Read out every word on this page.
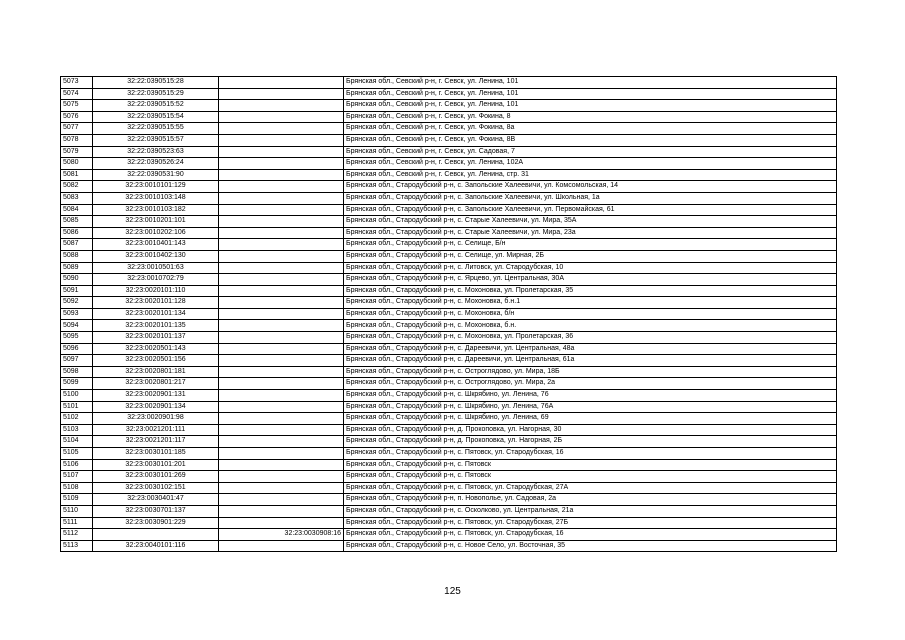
5073	32:22:0390515:28		Брянская обл., Севский р-н, г. Севск, ул. Ленина, 101
5074	32:22:0390515:29		Брянская обл., Севский р-н, г. Севск, ул. Ленина, 101
5075	32:22:0390515:52		Брянская обл., Севский р-н, г. Севск, ул. Ленина, 101
5076	32:22:0390515:54		Брянская обл., Севский р-н, г. Севск, ул. Фокина, 8
5077	32:22:0390515:55		Брянская обл., Севский р-н, г. Севск, ул. Фокина, 8а
5078	32:22:0390515:57		Брянская обл., Севский р-н, г. Севск, ул. Фокина, 8В
5079	32:22:0390523:63		Брянская обл., Севский р-н, г. Севск, ул. Садовая, 7
5080	32:22:0390526:24		Брянская обл., Севский р-н, г. Севск, ул. Ленина, 102А
5081	32:22:0390531:90		Брянская обл., Севский р-н, г. Севск, ул. Ленина, стр. 31
5082	32:23:0010101:129		Брянская обл., Стародубский р-н, с. Запольские Халеевичи, ул. Комсомольская, 14
5083	32:23:0010103:148		Брянская обл., Стародубский р-н, с. Запольские Халеевичи, ул. Школьная, 1а
5084	32:23:0010103:182		Брянская обл., Стародубский р-н, с. Запольские Халеевичи, ул. Первомайская, 61
5085	32:23:0010201:101		Брянская обл., Стародубский р-н, с. Старые Халеевичи, ул. Мира, 35А
5086	32:23:0010202:106		Брянская обл., Стародубский р-н, с. Старые Халеевичи, ул. Мира, 23а
5087	32:23:0010401:143		Брянская обл., Стародубский р-н, с. Селище, Б/н
5088	32:23:0010402:130		Брянская обл., Стародубский р-н, с. Селище, ул. Мирная, 2Б
5089	32:23:0010501:63		Брянская обл., Стародубский р-н, с. Литовск, ул. Стародубская, 10
5090	32:23:0010702:79		Брянская обл., Стародубский р-н, с. Ярцево, ул. Центральная, 30А
5091	32:23:0020101:110		Брянская обл., Стародубский р-н, с. Мохоновка, ул. Пролетарская, 35
5092	32:23:0020101:128		Брянская обл., Стародубский р-н, с. Мохоновка, б.н.1
5093	32:23:0020101:134		Брянская обл., Стародубский р-н, с. Мохоновка, б/н
5094	32:23:0020101:135		Брянская обл., Стародубский р-н, с. Мохоновка, б.н.
5095	32:23:0020101:137		Брянская обл., Стародубский р-н, с. Мохоновка, ул. Пролетарская, 36
5096	32:23:0020501:143		Брянская обл., Стародубский р-н, с. Дареевичи, ул. Центральная, 48а
5097	32:23:0020501:156		Брянская обл., Стародубский р-н, с. Дареевичи, ул. Центральная, 61а
5098	32:23:0020801:181		Брянская обл., Стародубский р-н, с. Остроглядово, ул. Мира, 18Б
5099	32:23:0020801:217		Брянская обл., Стародубский р-н, с. Остроглядово, ул. Мира, 2а
5100	32:23:0020901:131		Брянская обл., Стародубский р-н, с. Шкрябино, ул. Ленина, 76
5101	32:23:0020901:134		Брянская обл., Стародубский р-н, с. Шкрябино, ул. Ленина, 76А
5102	32:23:0020901:98		Брянская обл., Стародубский р-н, с. Шкрябино, ул. Ленина, 69
5103	32:23:0021201:111		Брянская обл., Стародубский р-н, д. Прокоповка, ул. Нагорная, 30
5104	32:23:0021201:117		Брянская обл., Стародубский р-н, д. Прокоповка, ул. Нагорная, 2Б
5105	32:23:0030101:185		Брянская обл., Стародубский р-н, с. Пятовск, ул. Стародубская, 16
5106	32:23:0030101:201		Брянская обл., Стародубский р-н, с. Пятовск
5107	32:23:0030101:269		Брянская обл., Стародубский р-н, с. Пятовск
5108	32:23:0030102:151		Брянская обл., Стародубский р-н, с. Пятовск, ул. Стародубская, 27А
5109	32:23:0030401:47		Брянская обл., Стародубский р-н, п. Новополье, ул. Садовая, 2а
5110	32:23:0030701:137		Брянская обл., Стародубский р-н, с. Осколково, ул. Центральная, 21а
5111	32:23:0030901:229		Брянская обл., Стародубский р-н, с. Пятовск, ул. Стародубская, 27Б
5112		32:23:0030908:16	Брянская обл., Стародубский р-н, с. Пятовск, ул. Стародубская, 16
5113	32:23:0040101:116		Брянская обл., Стародубский р-н, с. Новое Село, ул. Восточная, 35
125
